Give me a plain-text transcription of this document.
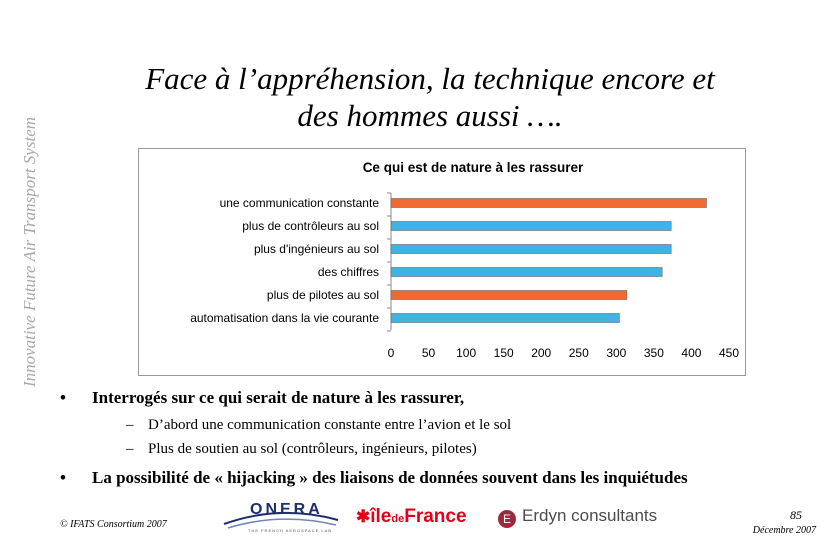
Innovative Future Air Transport System
Face à l’appréhension, la technique encore et
des hommes aussi ….
Ce qui est de nature à les rassurer
une communication constante
plus de contrôleurs au sol
plus d'ingénieurs au sol
des chiffres
plus de pilotes au sol
automatisation dans la vie courante
0 50 100 150 200 250 300 350 400 450
• Interrogés sur ce qui serait de nature à les rassurer,
– D’abord une communication constante entre l’avion et le sol
– Plus de soutien au sol (contrôleurs, ingénieurs, pilotes)
• La possibilité de « hijacking » des liaisons de données souvent dans les inquiétudes
© IFATS Consortium 2007
ONERA
THE FRENCH AEROSPACE LAB
✱îledeFrance	E Erdyn consultants	85
Décembre 2007
